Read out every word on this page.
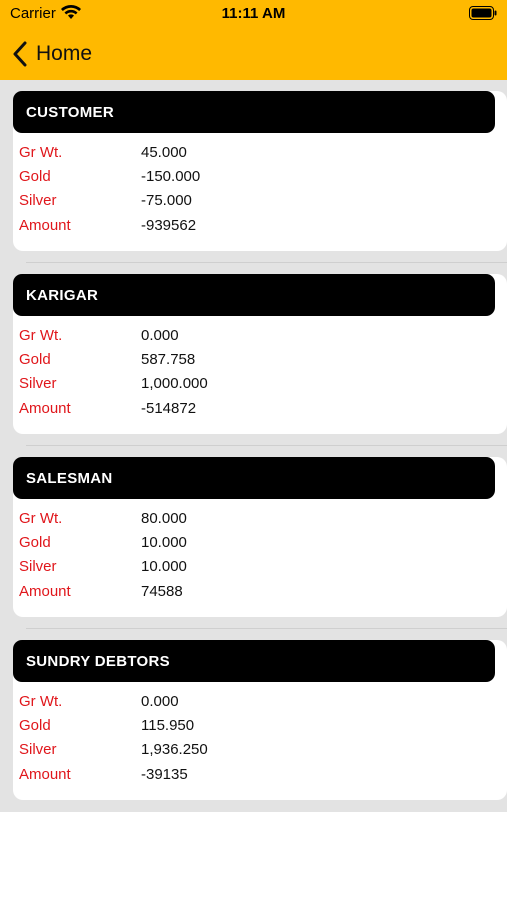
Carrier	11:11 AM
Home
CUSTOMER
Gr Wt.	45.000
Gold	-150.000
Silver	-75.000
Amount	-939562
KARIGAR
Gr Wt.	0.000
Gold	587.758
Silver	1,000.000
Amount	-514872
SALESMAN
Gr Wt.	80.000
Gold	10.000
Silver	10.000
Amount	74588
SUNDRY DEBTORS
Gr Wt.	0.000
Gold	115.950
Silver	1,936.250
Amount	-39135
